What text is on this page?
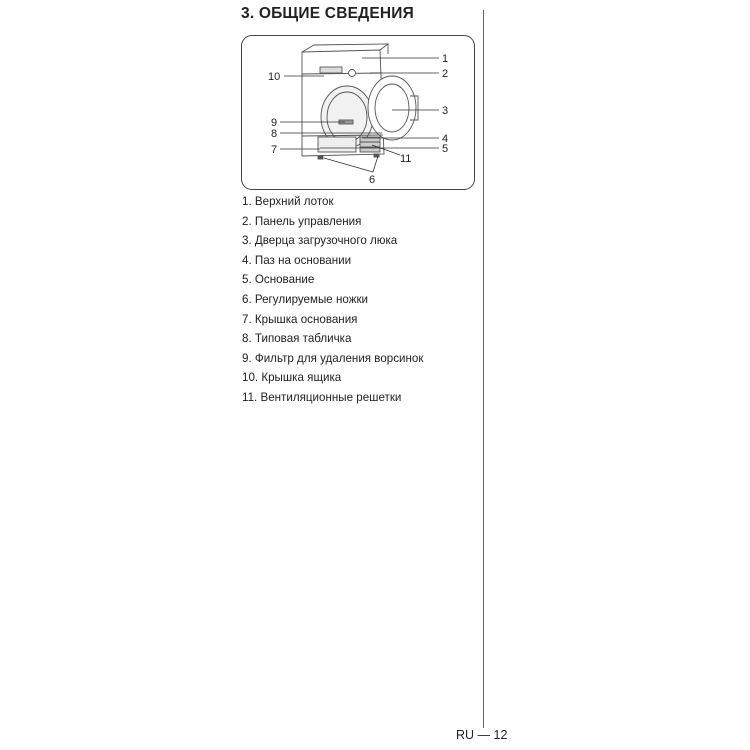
3. ОБЩИЕ СВЕДЕНИЯ
1
2
3
4
5
6
7
8
9
10
11
1. Верхний лоток
2. Панель управления
3. Дверца загрузочного люка
4. Паз на основании
5. Основание
6. Регулируемые ножки
7. Крышка основания
8. Типовая табличка
9. Фильтр для удаления ворсинок
10. Крышка ящика
11. Вентиляционные решетки
RU — 12
